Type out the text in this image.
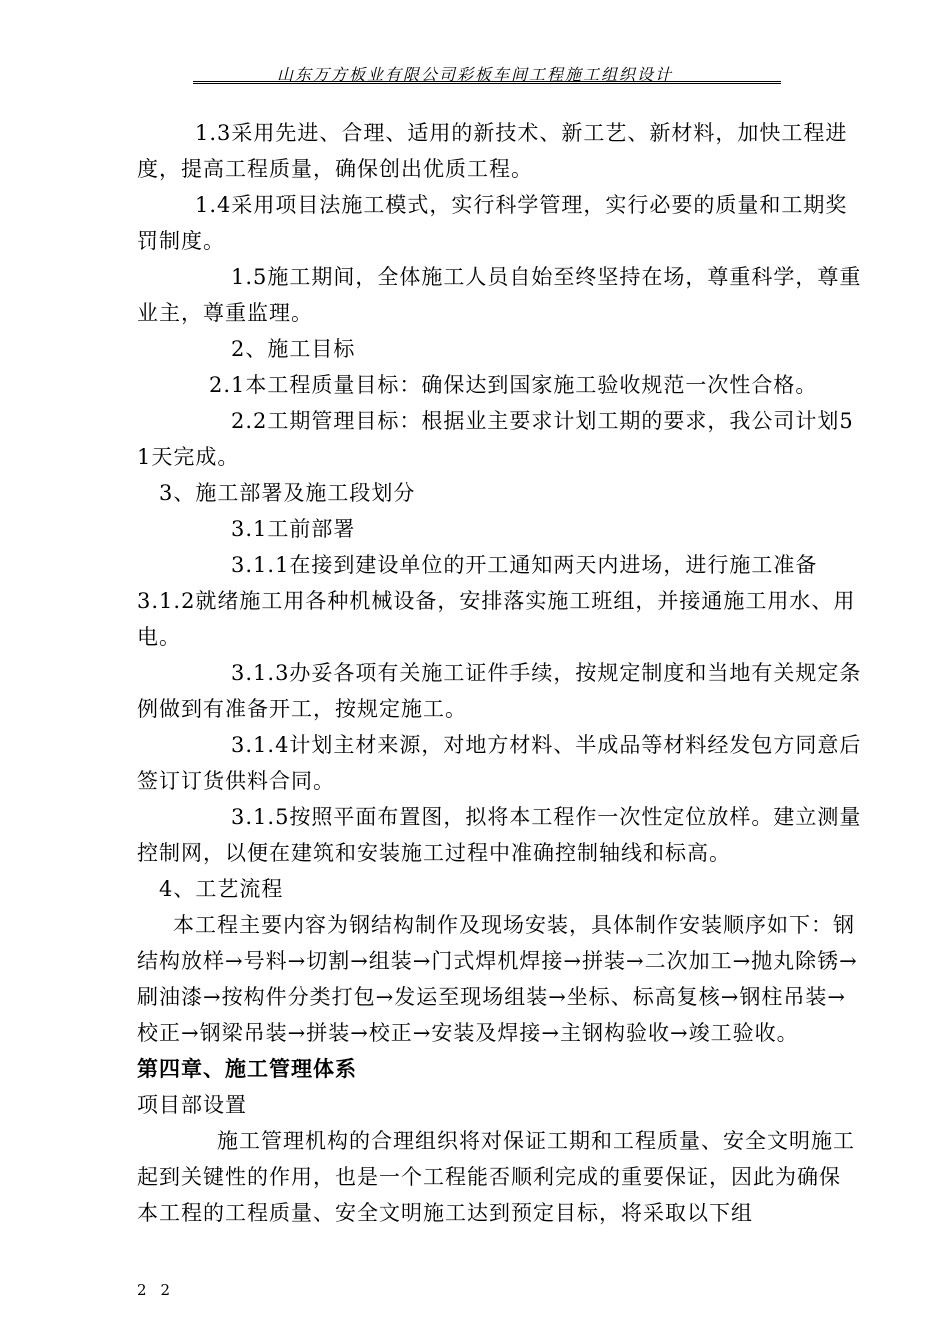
山东万方板业有限公司彩板车间工程施工组织设计

1.3采用先进、合理、适用的新技术、新工艺、新材料，加快工程进度，提高工程质量，确保创出优质工程。

1.4采用项目法施工模式，实行科学管理，实行必要的质量和工期奖罚制度。

1.5施工期间，全体施工人员自始至终坚持在场，尊重科学，尊重业主，尊重监理。

2、施工目标

2.1本工程质量目标：确保达到国家施工验收规范一次性合格。

2.2工期管理目标：根据业主要求计划工期的要求，我公司计划51天完成。

3、施工部署及施工段划分

3.1工前部署

3.1.1在接到建设单位的开工通知两天内进场，进行施工准备

3.1.2就绪施工用各种机械设备，安排落实施工班组，并接通施工用水、用电。

3.1.3办妥各项有关施工证件手续，按规定制度和当地有关规定条例做到有准备开工，按规定施工。

3.1.4计划主材来源，对地方材料、半成品等材料经发包方同意后签订订货供料合同。

3.1.5按照平面布置图，拟将本工程作一次性定位放样。建立测量控制网，以便在建筑和安装施工过程中准确控制轴线和标高。

4、工艺流程

本工程主要内容为钢结构制作及现场安装，具体制作安装顺序如下：钢结构放样→号料→切割→组装→门式焊机焊接→拼装→二次加工→抛丸除锈→刷油漆→按构件分类打包→发运至现场组装→坐标、标高复核→钢柱吊装→校正→钢梁吊装→拼装→校正→安装及焊接→主钢构验收→竣工验收。

第四章、施工管理体系

项目部设置

施工管理机构的合理组织将对保证工期和工程质量、安全文明施工起到关键性的作用，也是一个工程能否顺利完成的重要保证，因此为确保本工程的工程质量、安全文明施工达到预定目标，将采取以下组

22
